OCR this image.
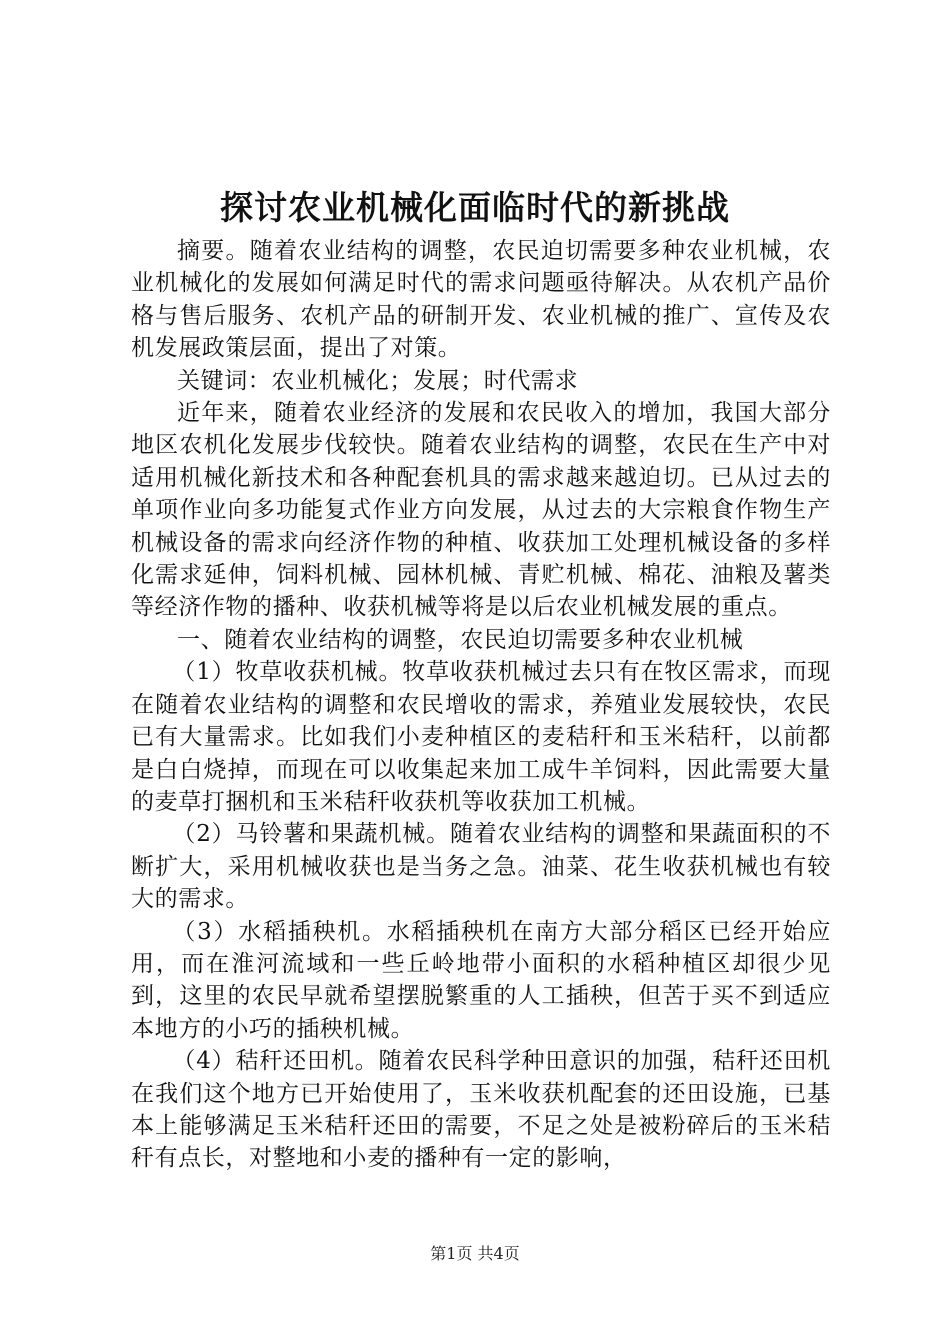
探讨农业机械化面临时代的新挑战

摘要。随着农业结构的调整，农民迫切需要多种农业机械，农业机械化的发展如何满足时代的需求问题亟待解决。从农机产品价格与售后服务、农机产品的研制开发、农业机械的推广、宣传及农机发展政策层面，提出了对策。

关键词：农业机械化；发展；时代需求

近年来，随着农业经济的发展和农民收入的增加，我国大部分地区农机化发展步伐较快。随着农业结构的调整，农民在生产中对适用机械化新技术和各种配套机具的需求越来越迫切。已从过去的单项作业向多功能复式作业方向发展，从过去的大宗粮食作物生产机械设备的需求向经济作物的种植、收获加工处理机械设备的多样化需求延伸，饲料机械、园林机械、青贮机械、棉花、油粮及薯类等经济作物的播种、收获机械等将是以后农业机械发展的重点。

一、随着农业结构的调整，农民迫切需要多种农业机械

（1）牧草收获机械。牧草收获机械过去只有在牧区需求，而现在随着农业结构的调整和农民增收的需求，养殖业发展较快，农民已有大量需求。比如我们小麦种植区的麦秸秆和玉米秸秆，以前都是白白烧掉，而现在可以收集起来加工成牛羊饲料，因此需要大量的麦草打捆机和玉米秸秆收获机等收获加工机械。

（2）马铃薯和果蔬机械。随着农业结构的调整和果蔬面积的不断扩大，采用机械收获也是当务之急。油菜、花生收获机械也有较大的需求。

（3）水稻插秧机。水稻插秧机在南方大部分稻区已经开始应用，而在淮河流域和一些丘岭地带小面积的水稻种植区却很少见到，这里的农民早就希望摆脱繁重的人工插秧，但苦于买不到适应本地方的小巧的插秧机械。

（4）秸秆还田机。随着农民科学种田意识的加强，秸秆还田机在我们这个地方已开始使用了，玉米收获机配套的还田设施，已基本上能够满足玉米秸秆还田的需要，不足之处是被粉碎后的玉米秸秆有点长，对整地和小麦的播种有一定的影响，

第1页 共4页
